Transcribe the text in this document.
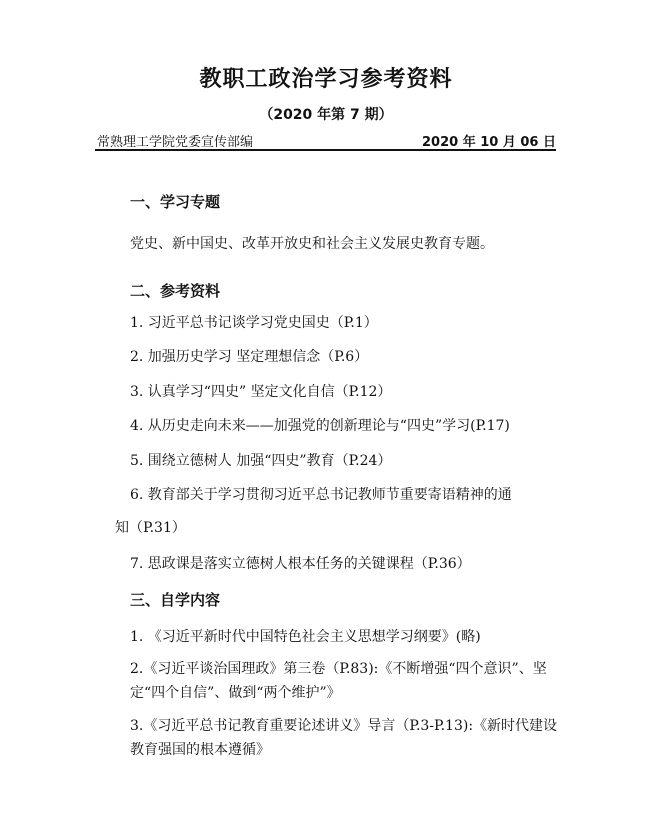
教职工政治学习参考资料
（2020 年第 7 期）
常熟理工学院党委宣传部编	2020 年 10 月 06 日
一、学习专题
党史、新中国史、改革开放史和社会主义发展史教育专题。
二、参考资料
1. 习近平总书记谈学习党史国史（P.1）
2. 加强历史学习 坚定理想信念（P.6）
3. 认真学习“四史” 坚定文化自信（P.12）
4. 从历史走向未来——加强党的创新理论与“四史”学习(P.17)
5. 围绕立德树人 加强“四史”教育（P.24）
6. 教育部关于学习贯彻习近平总书记教师节重要寄语精神的通
知（P.31）
7. 思政课是落实立德树人根本任务的关键课程（P.36）
三、自学内容
1. 《习近平新时代中国特色社会主义思想学习纲要》(略)
2.《习近平谈治国理政》第三卷（P.83):《不断增强“四个意识”、坚定“四个自信”、做到“两个维护”》
3.《习近平总书记教育重要论述讲义》导言（P.3-P.13):《新时代建设教育强国的根本遵循》
